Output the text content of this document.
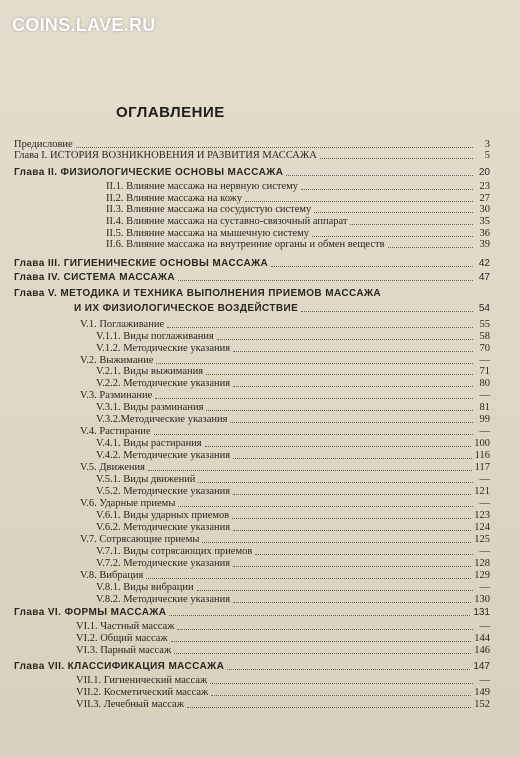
COINS.LAVE.RU
ОГЛАВЛЕНИЕ
Предисловие	3
Глава I. ИСТОРИЯ ВОЗНИКНОВЕНИЯ И РАЗВИТИЯ МАССАЖА	5
Глава II. ФИЗИОЛОГИЧЕСКИЕ ОСНОВЫ МАССАЖА	20
II.1. Влияние массажа на нервную систему	23
II.2. Влияние массажа на кожу	27
II.3. Влияние массажа на сосудистую систему	30
II.4. Влияние массажа на суставно-связочный аппарат	35
II.5. Влияние массажа на мышечную систему	36
II.6. Влияние массажа на внутренние органы и обмен веществ	39
Глава III. ГИГИЕНИЧЕСКИЕ ОСНОВЫ МАССАЖА	42
Глава IV. СИСТЕМА МАССАЖА	47
Глава V. МЕТОДИКА И ТЕХНИКА ВЫПОЛНЕНИЯ ПРИЕМОВ МАССАЖА
И ИХ ФИЗИОЛОГИЧЕСКОЕ ВОЗДЕЙСТВИЕ	54
V.1. Поглаживание	55
V.1.1. Виды поглаживания	58
V.1.2. Методические указания	70
V.2. Выжимание	—
V.2.1. Виды выжимания	71
V.2.2. Методические указания	80
V.3. Разминание	—
V.3.1. Виды разминания	81
V.3.2.Методические указания	99
V.4. Растирание	—
V.4.1. Виды растирания	100
V.4.2. Методические указания	116
V.5. Движения	117
V.5.1. Виды движений	—
V.5.2. Методические указания	121
V.6. Ударные приемы	—
V.6.1. Виды ударных приемов	123
V.6.2. Методические указания	124
V.7. Сотрясающие приемы	125
V.7.1. Виды сотрясающих приемов	—
V.7.2. Методические указания	128
V.8. Вибрация	129
V.8.1. Виды вибрации	—
V.8.2. Методические указания	130
Глава VI. ФОРМЫ МАССАЖА	131
VI.1. Частный массаж	—
VI.2. Общий массаж	144
VI.3. Парный массаж	146
Глава VII. КЛАССИФИКАЦИЯ МАССАЖА	147
VII.1. Гигиенический массаж	—
VII.2. Косметический массаж	149
VII.3. Лечебный массаж	152
